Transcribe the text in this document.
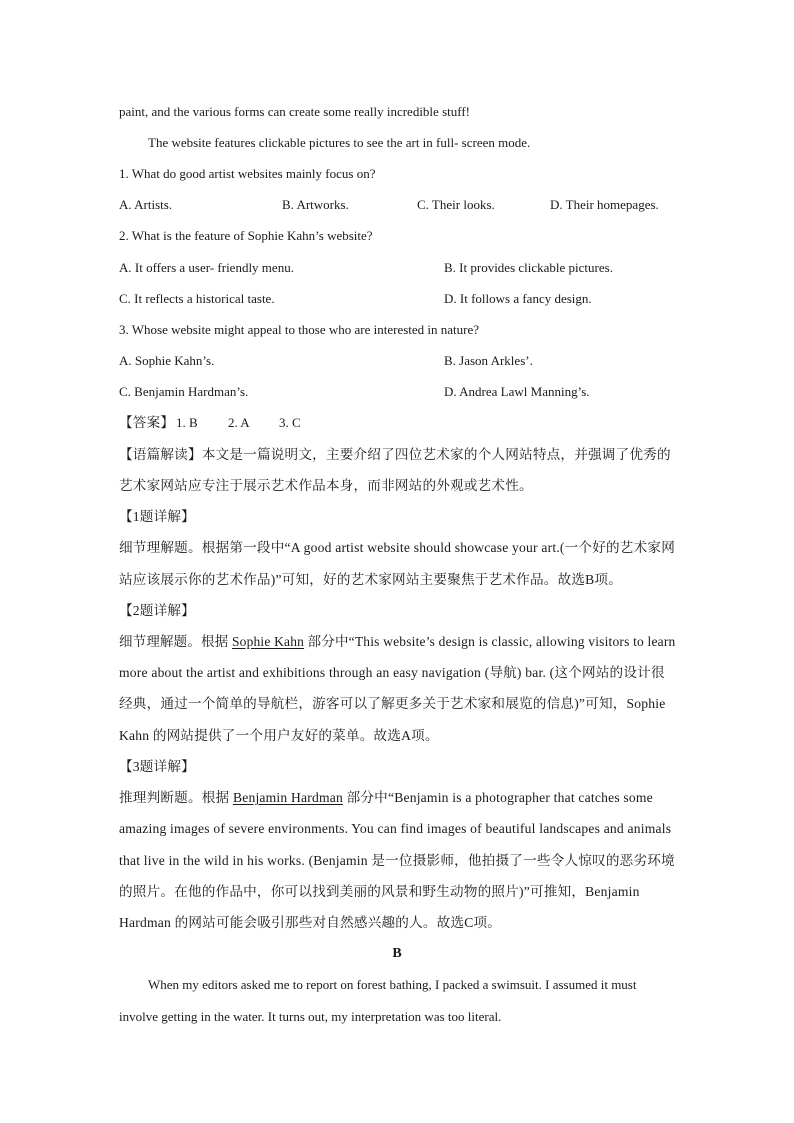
paint, and the various forms can create some really incredible stuff!
The website features clickable pictures to see the art in full- screen mode.
1. What do good artist websites mainly focus on?
A. Artists.	B. Artworks.	C. Their looks.	D. Their homepages.
2. What is the feature of Sophie Kahn’s website?
A. It offers a user- friendly menu.	B. It provides clickable pictures.
C. It reflects a historical taste.	D. It follows a fancy design.
3. Whose website might appeal to those who are interested in nature?
A. Sophie Kahn’s.	B. Jason Arkles’.
C. Benjamin Hardman’s.	D. Andrea Lawl Manning’s.
【答案】 1. B 2. A 3. C
【语篇解读】本文是一篇说明文，主要介绍了四位艺术家的个人网站特点，并强调了优秀的
艺术家网站应专注于展示艺术作品本身，而非网站的外观或艺术性。
【1题详解】
细节理解题。根据第一段中“A good artist website should showcase your art.(一个好的艺术家网
站应该展示你的艺术作品)”可知，好的艺术家网站主要聚焦于艺术作品。故选B项。
【2题详解】
细节理解题。根据 Sophie Kahn 部分中“This website’s design is classic, allowing visitors to learn
more about the artist and exhibitions through an easy navigation (导航) bar. (这个网站的设计很
经典，通过一个简单的导航栏，游客可以了解更多关于艺术家和展览的信息)”可知，Sophie
Kahn 的网站提供了一个用户友好的菜单。故选A项。
【3题详解】
推理判断题。根据 Benjamin Hardman 部分中“Benjamin is a photographer that catches some
amazing images of severe environments. You can find images of beautiful landscapes and animals
that live in the wild in his works. (Benjamin 是一位摄影师，他拍摄了一些令人惊叹的恶劣环境
的照片。在他的作品中，你可以找到美丽的风景和野生动物的照片)”可推知，Benjamin
Hardman 的网站可能会吸引那些对自然感兴趣的人。故选C项。
B
When my editors asked me to report on forest bathing, I packed a swimsuit. I assumed it must
involve getting in the water. It turns out, my interpretation was too literal.
